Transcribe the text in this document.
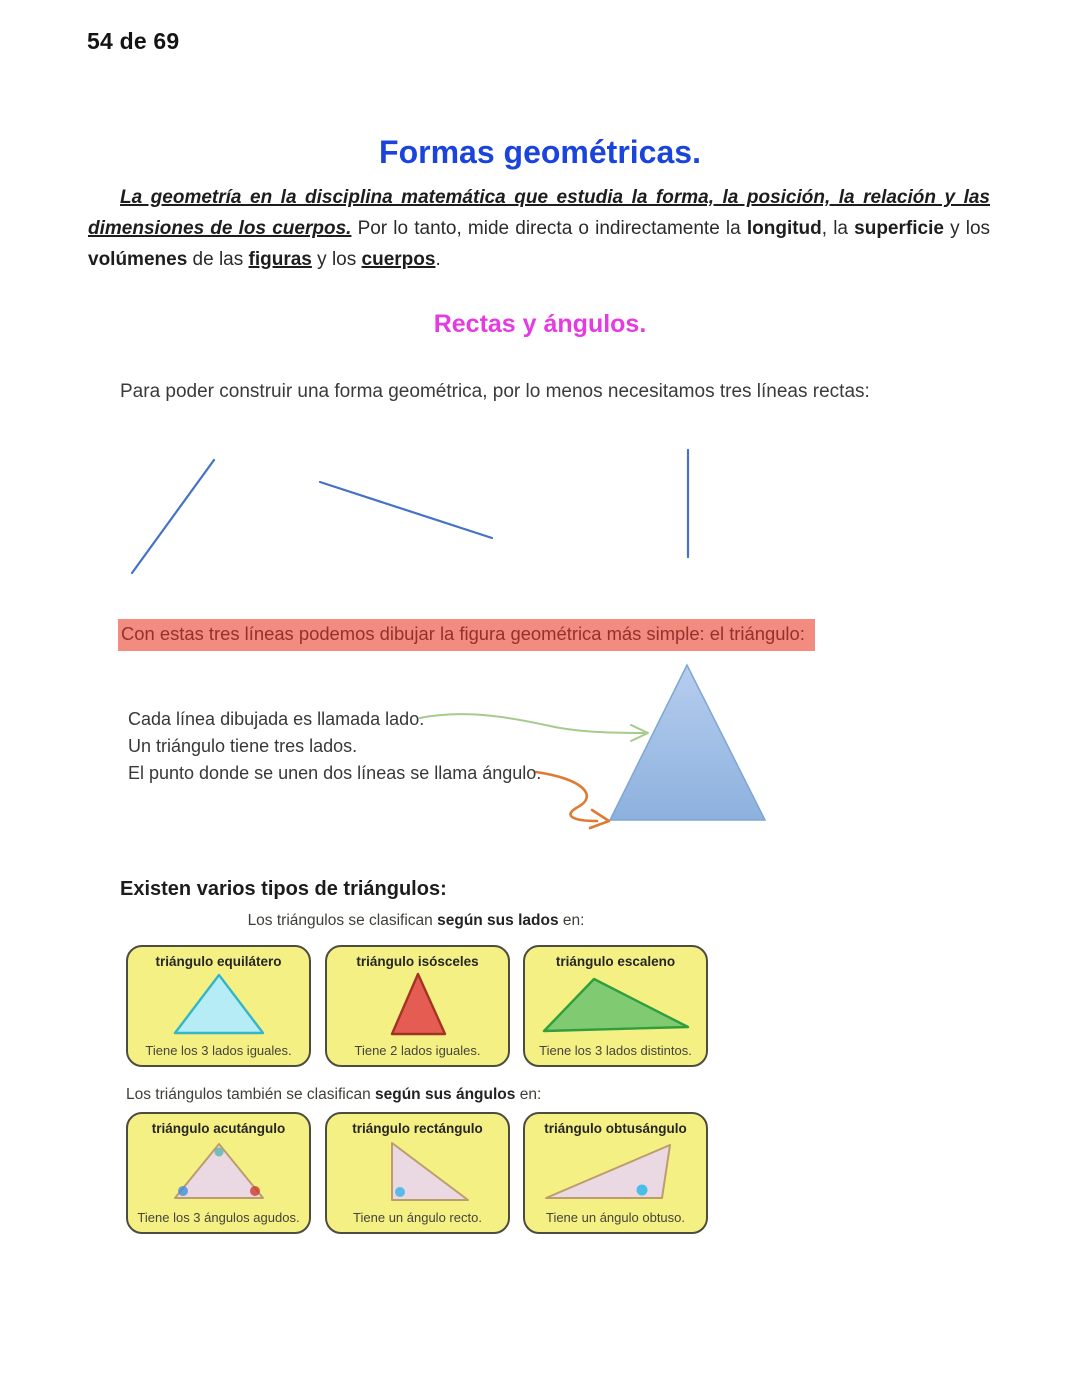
54 de 69
Formas geométricas.

La geometría en la disciplina matemática que estudia la forma, la posición, la relación y las dimensiones de los cuerpos. Por lo tanto, mide directa o indirectamente la longitud, la superficie y los volúmenes de las figuras y los cuerpos.

Rectas y ángulos.

Para poder construir una forma geométrica, por lo menos necesitamos tres líneas rectas:

Con estas tres líneas podemos dibujar la figura geométrica más simple: el triángulo:
Cada línea dibujada es llamada lado.
Un triángulo tiene tres lados.
El punto donde se unen dos líneas se llama ángulo.
Existen varios tipos de triángulos:
Los triángulos se clasifican según sus lados en:
triángulo equilátero
Tiene los 3 lados iguales.
triángulo isósceles
Tiene 2 lados iguales.
triángulo escaleno
Tiene los 3 lados distintos.
Los triángulos también se clasifican según sus ángulos en:
triángulo acutángulo
Tiene los 3 ángulos agudos.
triángulo rectángulo
Tiene un ángulo recto.
triángulo obtusángulo
Tiene un ángulo obtuso.
